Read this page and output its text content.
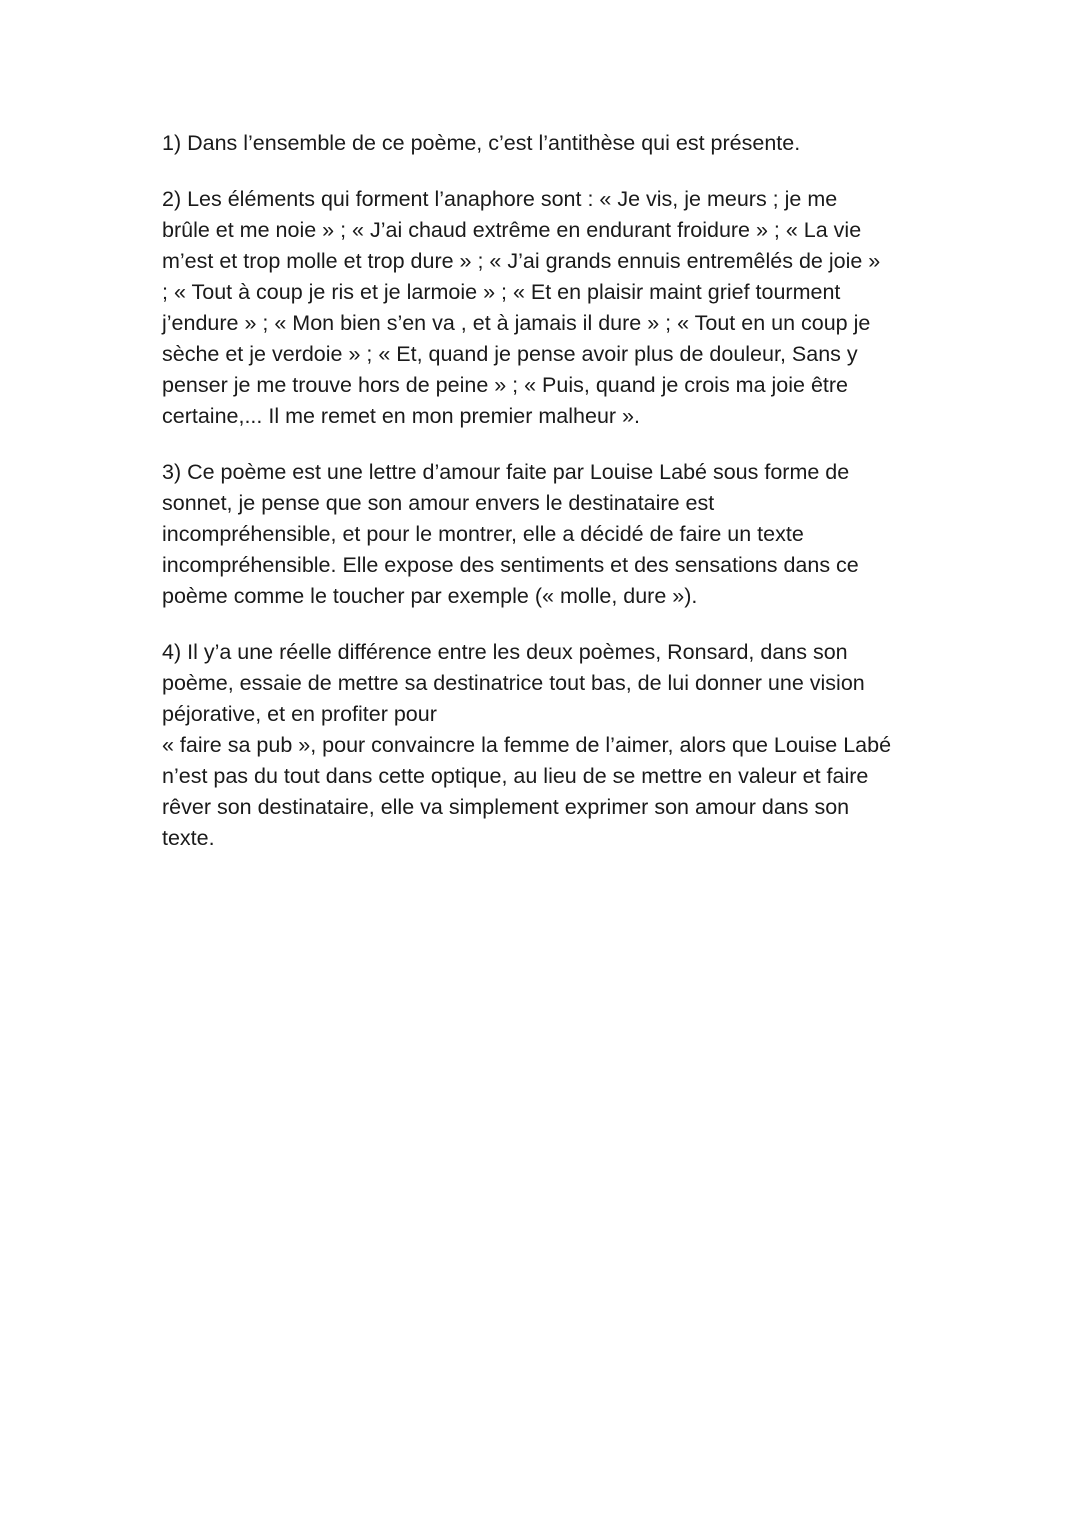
1) Dans l’ensemble de ce poème, c’est l’antithèse qui est présente.

2) Les éléments qui forment l’anaphore sont : « Je vis, je meurs ; je me
brûle et me noie » ; « J’ai chaud extrême en endurant froidure » ; « La vie
m’est et trop molle et trop dure » ; « J’ai grands ennuis entremêlés de joie »
; « Tout à coup je ris et je larmoie » ; « Et en plaisir maint grief tourment
j’endure » ; « Mon bien s’en va , et à jamais il dure » ; « Tout en un coup je
sèche et je verdoie » ; « Et, quand je pense avoir plus de douleur, Sans y
penser je me trouve hors de peine » ; « Puis, quand je crois ma joie être
certaine,... Il me remet en mon premier malheur ».

3) Ce poème est une lettre d’amour faite par Louise Labé sous forme de
sonnet, je pense que son amour envers le destinataire est
incompréhensible, et pour le montrer, elle a décidé de faire un texte
incompréhensible. Elle expose des sentiments et des sensations dans ce
poème comme le toucher par exemple (« molle, dure »).

4) Il y’a une réelle différence entre les deux poèmes, Ronsard, dans son
poème, essaie de mettre sa destinatrice tout bas, de lui donner une vision
péjorative, et en profiter pour
« faire sa pub », pour convaincre la femme de l’aimer, alors que Louise Labé
n’est pas du tout dans cette optique, au lieu de se mettre en valeur et faire
rêver son destinataire, elle va simplement exprimer son amour dans son
texte.
